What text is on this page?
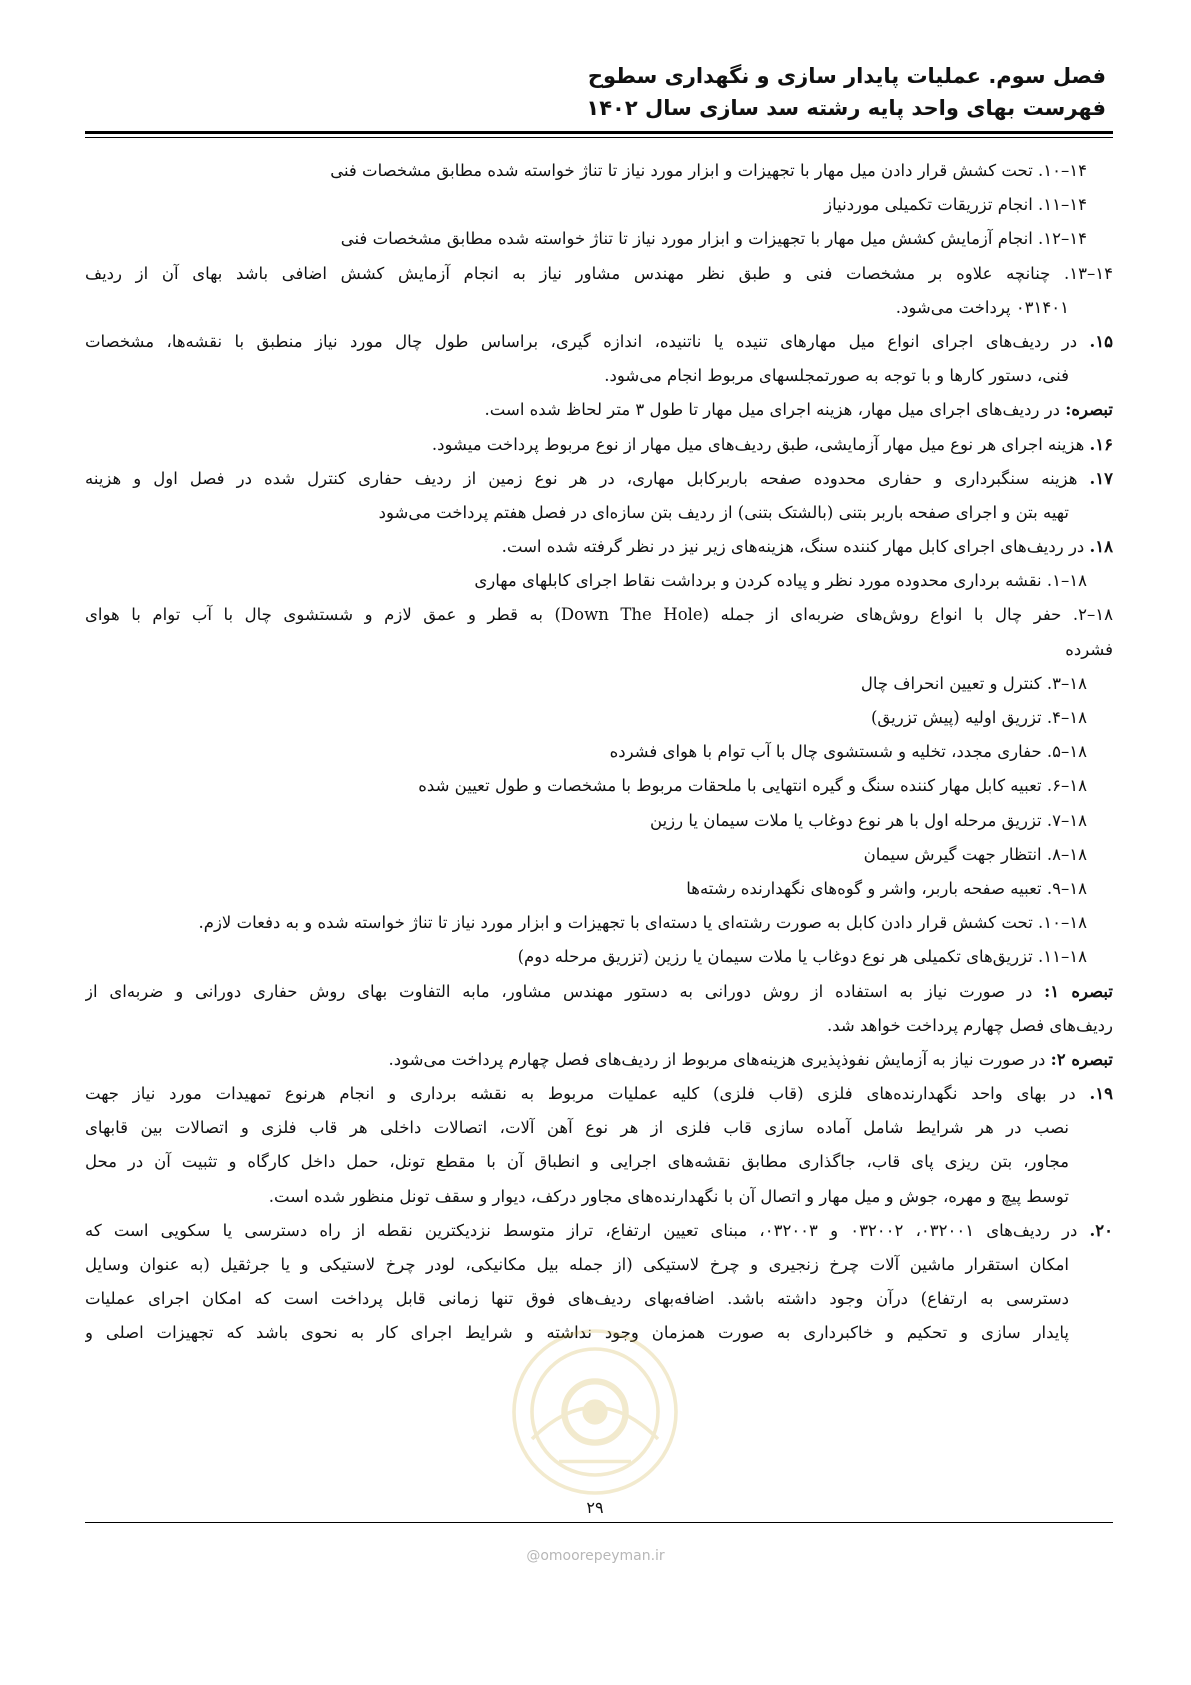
فصل سوم. عملیات پایدار سازی و نگهداری سطوح
فهرست بهای واحد پایه رشته سد سازی سال ۱۴۰۲
۱۴–۱۰. تحت کشش قرار دادن میل مهار با تجهیزات و ابزار مورد نیاز تا تناژ خواسته شده مطابق مشخصات فنی
۱۴–۱۱. انجام تزریقات تکمیلی موردنیاز
۱۴–۱۲. انجام آزمایش کشش میل مهار با تجهیزات و ابزار مورد نیاز تا تناژ خواسته شده مطابق مشخصات فنی
۱۴–۱۳. چنانچه علاوه بر مشخصات فنی و طبق نظر مهندس مشاور نیاز به انجام آزمایش کشش اضافی باشد بهای آن از ردیف
۰۳۱۴۰۱ پرداخت می‌شود.
۱۵. در ردیف‌های اجرای انواع میل مهارهای تنیده یا ناتنیده، اندازه گیری، براساس طول چال مورد نیاز منطبق با نقشه‌ها، مشخصات
فنی، دستور کارها و با توجه به صورتمجلسهای مربوط انجام می‌شود.
تبصره: در ردیف‌های اجرای میل مهار، هزینه اجرای میل مهار تا طول ۳ متر لحاظ شده است.
۱۶. هزینه اجرای هر نوع میل مهار آزمایشی، طبق ردیف‌های میل مهار از نوع مربوط پرداخت میشود.
۱۷. هزینه سنگبرداری و حفاری محدوده صفحه باربرکابل مهاری، در هر نوع زمین از ردیف حفاری کنترل شده در فصل اول و هزینه
تهیه بتن و اجرای صفحه باربر بتنی (بالشتک بتنی) از ردیف بتن سازه‌ای در فصل هفتم پرداخت می‌شود
۱۸. در ردیف‌های اجرای کابل مهار کننده سنگ، هزینه‌های زیر نیز در نظر گرفته شده است.
۱۸–۱. نقشه برداری محدوده مورد نظر و پیاده کردن و برداشت نقاط اجرای کابلهای مهاری
۱۸–۲. حفر چال با انواع روش‌های ضربه‌ای از جمله (Down The Hole) به قطر و عمق لازم و شستشوی چال با آب توام با هوای
فشرده
۱۸–۳. کنترل و تعیین انحراف چال
۱۸–۴. تزریق اولیه (پیش تزریق)
۱۸–۵. حفاری مجدد، تخلیه و شستشوی چال با آب توام با هوای فشرده
۱۸–۶. تعبیه کابل مهار کننده سنگ و گیره انتهایی با ملحقات مربوط با مشخصات و طول تعیین شده
۱۸–۷. تزریق مرحله اول با هر نوع دوغاب یا ملات سیمان یا رزین
۱۸–۸. انتظار جهت گیرش سیمان
۱۸–۹. تعبیه صفحه باربر، واشر و گوه‌های نگهدارنده رشته‌ها
۱۸–۱۰. تحت کشش قرار دادن کابل به صورت رشته‌ای یا دسته‌ای با تجهیزات و ابزار مورد نیاز تا تناژ خواسته شده و به دفعات لازم.
۱۸–۱۱. تزریق‌های تکمیلی هر نوع دوغاب یا ملات سیمان یا رزین (تزریق مرحله دوم)
تبصره ۱: در صورت نیاز به استفاده از روش دورانی به دستور مهندس مشاور، مابه التفاوت بهای روش حفاری دورانی و ضربه‌ای از
ردیف‌های فصل چهارم پرداخت خواهد شد.
تبصره ۲: در صورت نیاز به آزمایش نفوذپذیری هزینه‌های مربوط از ردیف‌های فصل چهارم پرداخت می‌شود.
۱۹. در بهای واحد نگهدارنده‌های فلزی (قاب فلزی) کلیه عملیات مربوط به نقشه برداری و انجام هرنوع تمهیدات مورد نیاز جهت
نصب در هر شرایط شامل آماده سازی قاب فلزی از هر نوع آهن آلات، اتصالات داخلی هر قاب فلزی و اتصالات بین قابهای
مجاور، بتن ریزی پای قاب، جاگذاری مطابق نقشه‌های اجرایی و انطباق آن با مقطع تونل، حمل داخل کارگاه و تثبیت آن در محل
توسط پیچ و مهره، جوش و میل مهار و اتصال آن با نگهدارنده‌های مجاور درکف، دیوار و سقف تونل منظور شده است.
۲۰. در ردیف‌های ۰۳۲۰۰۱، ۰۳۲۰۰۲ و ۰۳۲۰۰۳، مبنای تعیین ارتفاع، تراز متوسط نزدیکترین نقطه از راه دسترسی یا سکویی است که
امکان استقرار ماشین آلات چرخ زنجیری و چرخ لاستیکی (از جمله بیل مکانیکی، لودر چرخ لاستیکی و یا جرثقیل (به عنوان وسایل
دسترسی به ارتفاع) درآن وجود داشته باشد. اضافه‌بهای ردیف‌های فوق تنها زمانی قابل پرداخت است که امکان اجرای عملیات
پایدار سازی و تحکیم و خاکبرداری به صورت همزمان وجود نداشته و شرایط اجرای کار به نحوی باشد که تجهیزات اصلی و
۲۹
@omoorepeyman.ir
